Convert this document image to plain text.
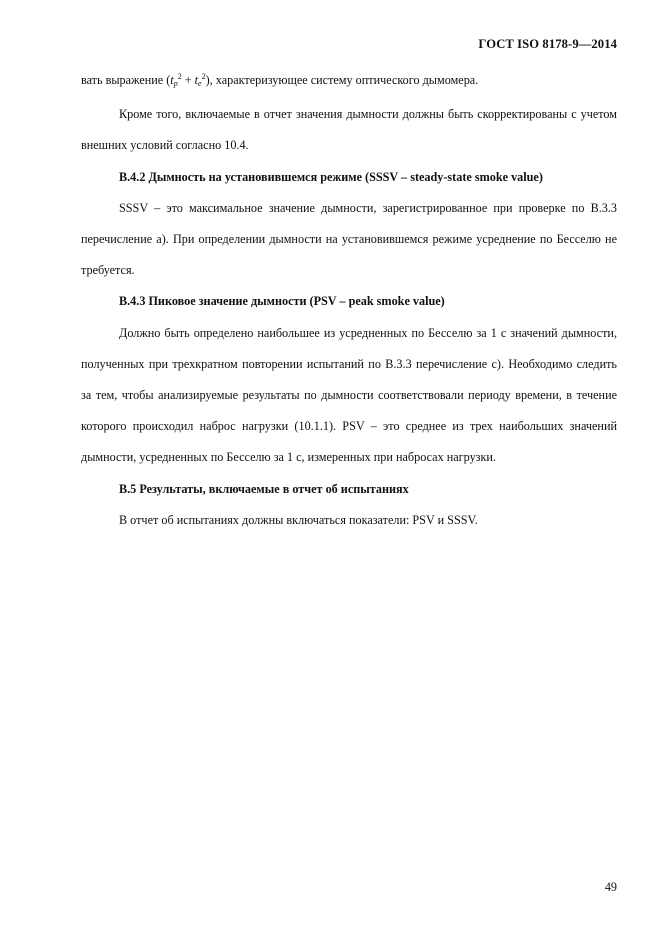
ГОСТ ISO 8178-9—2014

вать выражение $(t_p^2 + t_e^2)$, характеризующее систему оптического дымомера.

Кроме того, включаемые в отчет значения дымности должны быть скорректированы с учетом внешних условий согласно 10.4.

В.4.2 Дымность на установившемся режиме (SSSV – steady-state smoke value)

SSSV – это максимальное значение дымности, зарегистрированное при проверке по В.3.3 перечисление а). При определении дымности на установившемся режиме усреднение по Бесселю не требуется.

В.4.3 Пиковое значение дымности (PSV – peak smoke value)

Должно быть определено наибольшее из усредненных по Бесселю за 1 с значений дымности, полученных при трехкратном повторении испытаний по В.3.3 перечисление с). Необходимо следить за тем, чтобы анализируемые результаты по дымности соответствовали периоду времени, в течение которого происходил наброс нагрузки (10.1.1). PSV – это среднее из трех наибольших значений дымности, усредненных по Бесселю за 1 с, измеренных при набросах нагрузки.

В.5 Результаты, включаемые в отчет об испытаниях

В отчет об испытаниях должны включаться показатели: PSV и SSSV.

49
